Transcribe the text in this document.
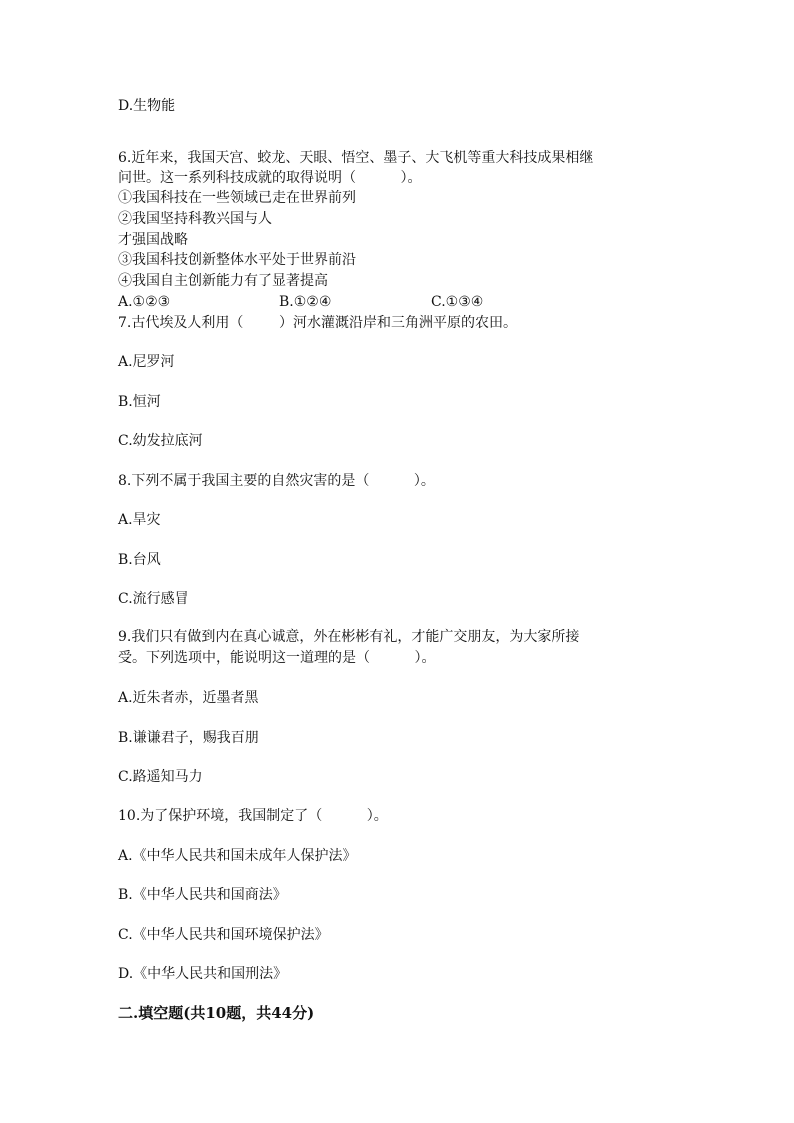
D.生物能
6.近年来，我国天宫、蛟龙、天眼、悟空、墨子、大飞机等重大科技成果相继
问世。这一系列科技成就的取得说明（          ）。
①我国科技在一些领域已走在世界前列
②我国坚持科教兴国与人
才强国战略
③我国科技创新整体水平处于世界前沿
④我国自主创新能力有了显著提高
A.①②③	B.①②④	C.①③④
7.古代埃及人利用（        ）河水灌溉沿岸和三角洲平原的农田。
A.尼罗河
B.恒河
C.幼发拉底河
8.下列不属于我国主要的自然灾害的是（          ）。
A.旱灾
B.台风
C.流行感冒
9.我们只有做到内在真心诚意，外在彬彬有礼，才能广交朋友，为大家所接
受。下列选项中，能说明这一道理的是（          ）。
A.近朱者赤，近墨者黑
B.谦谦君子，赐我百朋
C.路遥知马力
10.为了保护环境，我国制定了（          ）。
A.《中华人民共和国未成年人保护法》
B.《中华人民共和国商法》
C.《中华人民共和国环境保护法》
D.《中华人民共和国刑法》
二.填空题(共10题，共44分)
